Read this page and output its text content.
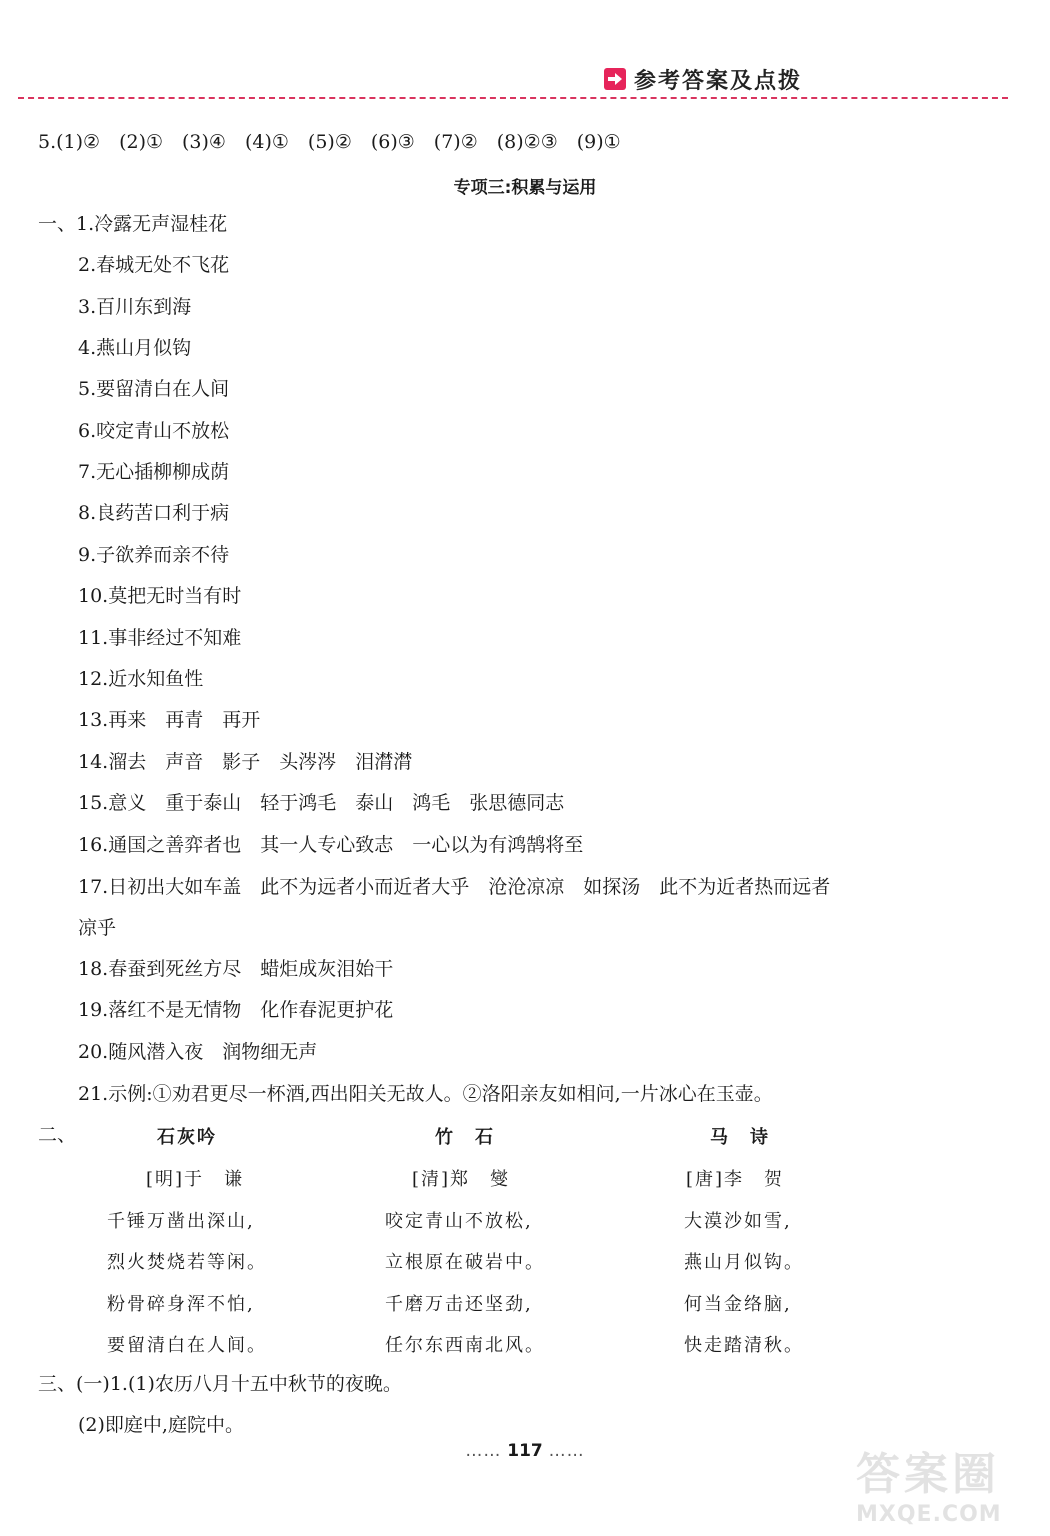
参考答案及点拨
5.(1)②　(2)①　(3)④　(4)①　(5)②　(6)③　(7)②　(8)②③　(9)①
专项三:积累与运用
一、1.冷露无声湿桂花
2.春城无处不飞花
3.百川东到海
4.燕山月似钩
5.要留清白在人间
6.咬定青山不放松
7.无心插柳柳成荫
8.良药苦口利于病
9.子欲养而亲不待
10.莫把无时当有时
11.事非经过不知难
12.近水知鱼性
13.再来　再青　再开
14.溜去　声音　影子　头涔涔　泪潸潸
15.意义　重于泰山　轻于鸿毛　泰山　鸿毛　张思德同志
16.通国之善弈者也　其一人专心致志　一心以为有鸿鹄将至
17.日初出大如车盖　此不为远者小而近者大乎　沧沧凉凉　如探汤　此不为近者热而远者
凉乎
18.春蚕到死丝方尽　蜡炬成灰泪始干
19.落红不是无情物　化作春泥更护花
20.随风潜入夜　润物细无声
21.示例:①劝君更尽一杯酒,西出阳关无故人。②洛阳亲友如相问,一片冰心在玉壶。
二、	石灰吟
[明]于　谦
千锤万凿出深山,
烈火焚烧若等闲。
粉骨碎身浑不怕,
要留清白在人间。
竹　石
[清]郑　燮
咬定青山不放松,
立根原在破岩中。
千磨万击还坚劲,
任尔东西南北风。
马　诗
[唐]李　贺
大漠沙如雪,
燕山月似钩。
何当金络脑,
快走踏清秋。
三、(一)1.(1)农历八月十五中秋节的夜晚。
(2)即庭中,庭院中。
…… 117 ……	答案圈
MXQE.COM
